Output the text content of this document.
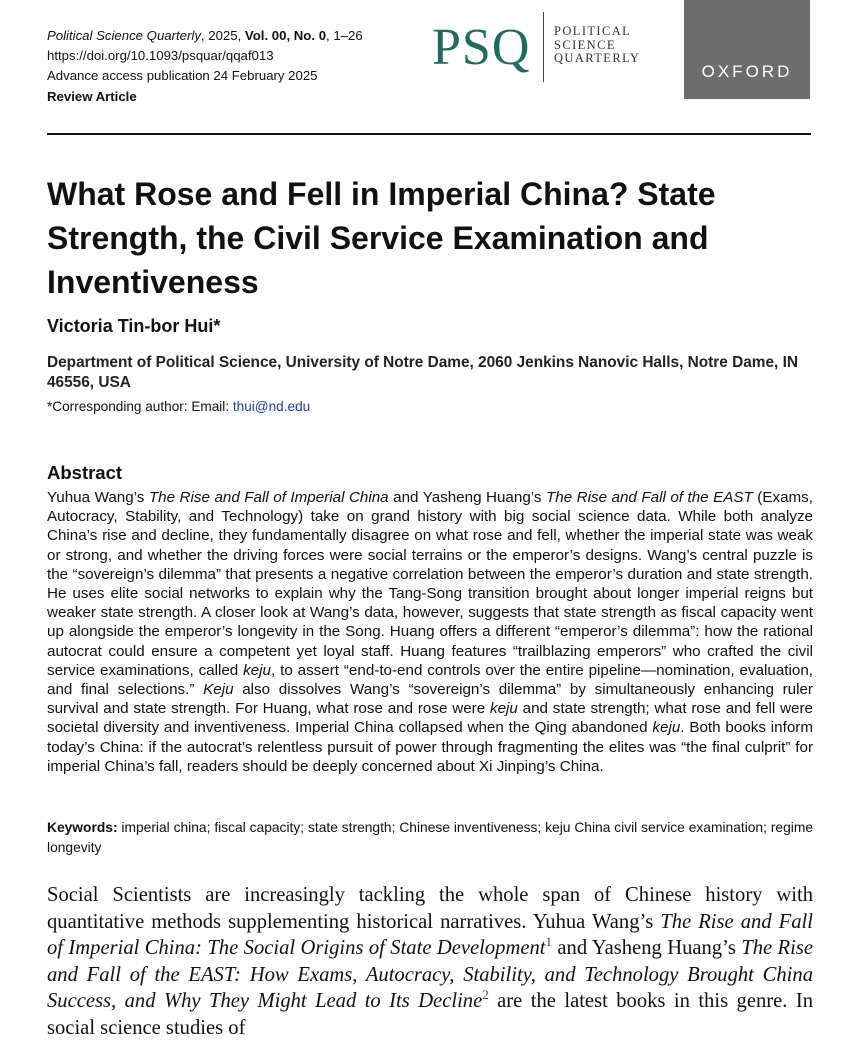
Political Science Quarterly, 2025, Vol. 00, No. 0, 1–26
https://doi.org/10.1093/psquar/qqaf013
Advance access publication 24 February 2025
Review Article
PSQ POLITICAL
SCIENCE
QUARTERLY
OXFORD
What Rose and Fell in Imperial China? State Strength, the Civil Service Examination and Inventiveness
Victoria Tin-bor Hui*
Department of Political Science, University of Notre Dame, 2060 Jenkins Nanovic Halls, Notre Dame, IN 46556, USA
*Corresponding author: Email: thui@nd.edu
Abstract

Yuhua Wang’s The Rise and Fall of Imperial China and Yasheng Huang’s The Rise and Fall of the EAST (Exams, Autocracy, Stability, and Technology) take on grand history with big social science data. While both analyze China’s rise and decline, they fundamentally disagree on what rose and fell, whether the imperial state was weak or strong, and whether the driving forces were social terrains or the emperor’s designs. Wang’s central puzzle is the “sovereign’s dilemma” that presents a negative correlation between the emperor’s duration and state strength. He uses elite social networks to explain why the Tang-Song transition brought about longer imperial reigns but weaker state strength. A closer look at Wang’s data, however, suggests that state strength as fiscal capacity went up alongside the emperor’s longevity in the Song. Huang offers a different “emperor’s dilemma”: how the rational autocrat could ensure a competent yet loyal staff. Huang features “trailblazing emperors” who crafted the civil service examinations, called keju, to assert “end-to-end controls over the entire pipeline—nomination, evaluation, and final selections.” Keju also dissolves Wang’s “sovereign’s dilemma” by simultaneously enhancing ruler survival and state strength. For Huang, what rose and rose were keju and state strength; what rose and fell were societal diversity and inventiveness. Imperial China collapsed when the Qing abandoned keju. Both books inform today’s China: if the autocrat’s relentless pursuit of power through fragmenting the elites was “the final culprit” for imperial China’s fall, readers should be deeply concerned about Xi Jinping’s China.

Keywords: imperial china; fiscal capacity; state strength; Chinese inventiveness; keju China civil service examination; regime longevity

Social Scientists are increasingly tackling the whole span of Chinese history with quantitative methods supplementing historical narratives. Yuhua Wang’s The Rise and Fall of Imperial China: The Social Origins of State Development$^1$ and Yasheng Huang’s The Rise and Fall of the EAST: How Exams, Autocracy, Stability, and Technology Brought China Success, and Why They Might Lead to Its Decline$^2$ are the latest books in this genre. In social science studies of
